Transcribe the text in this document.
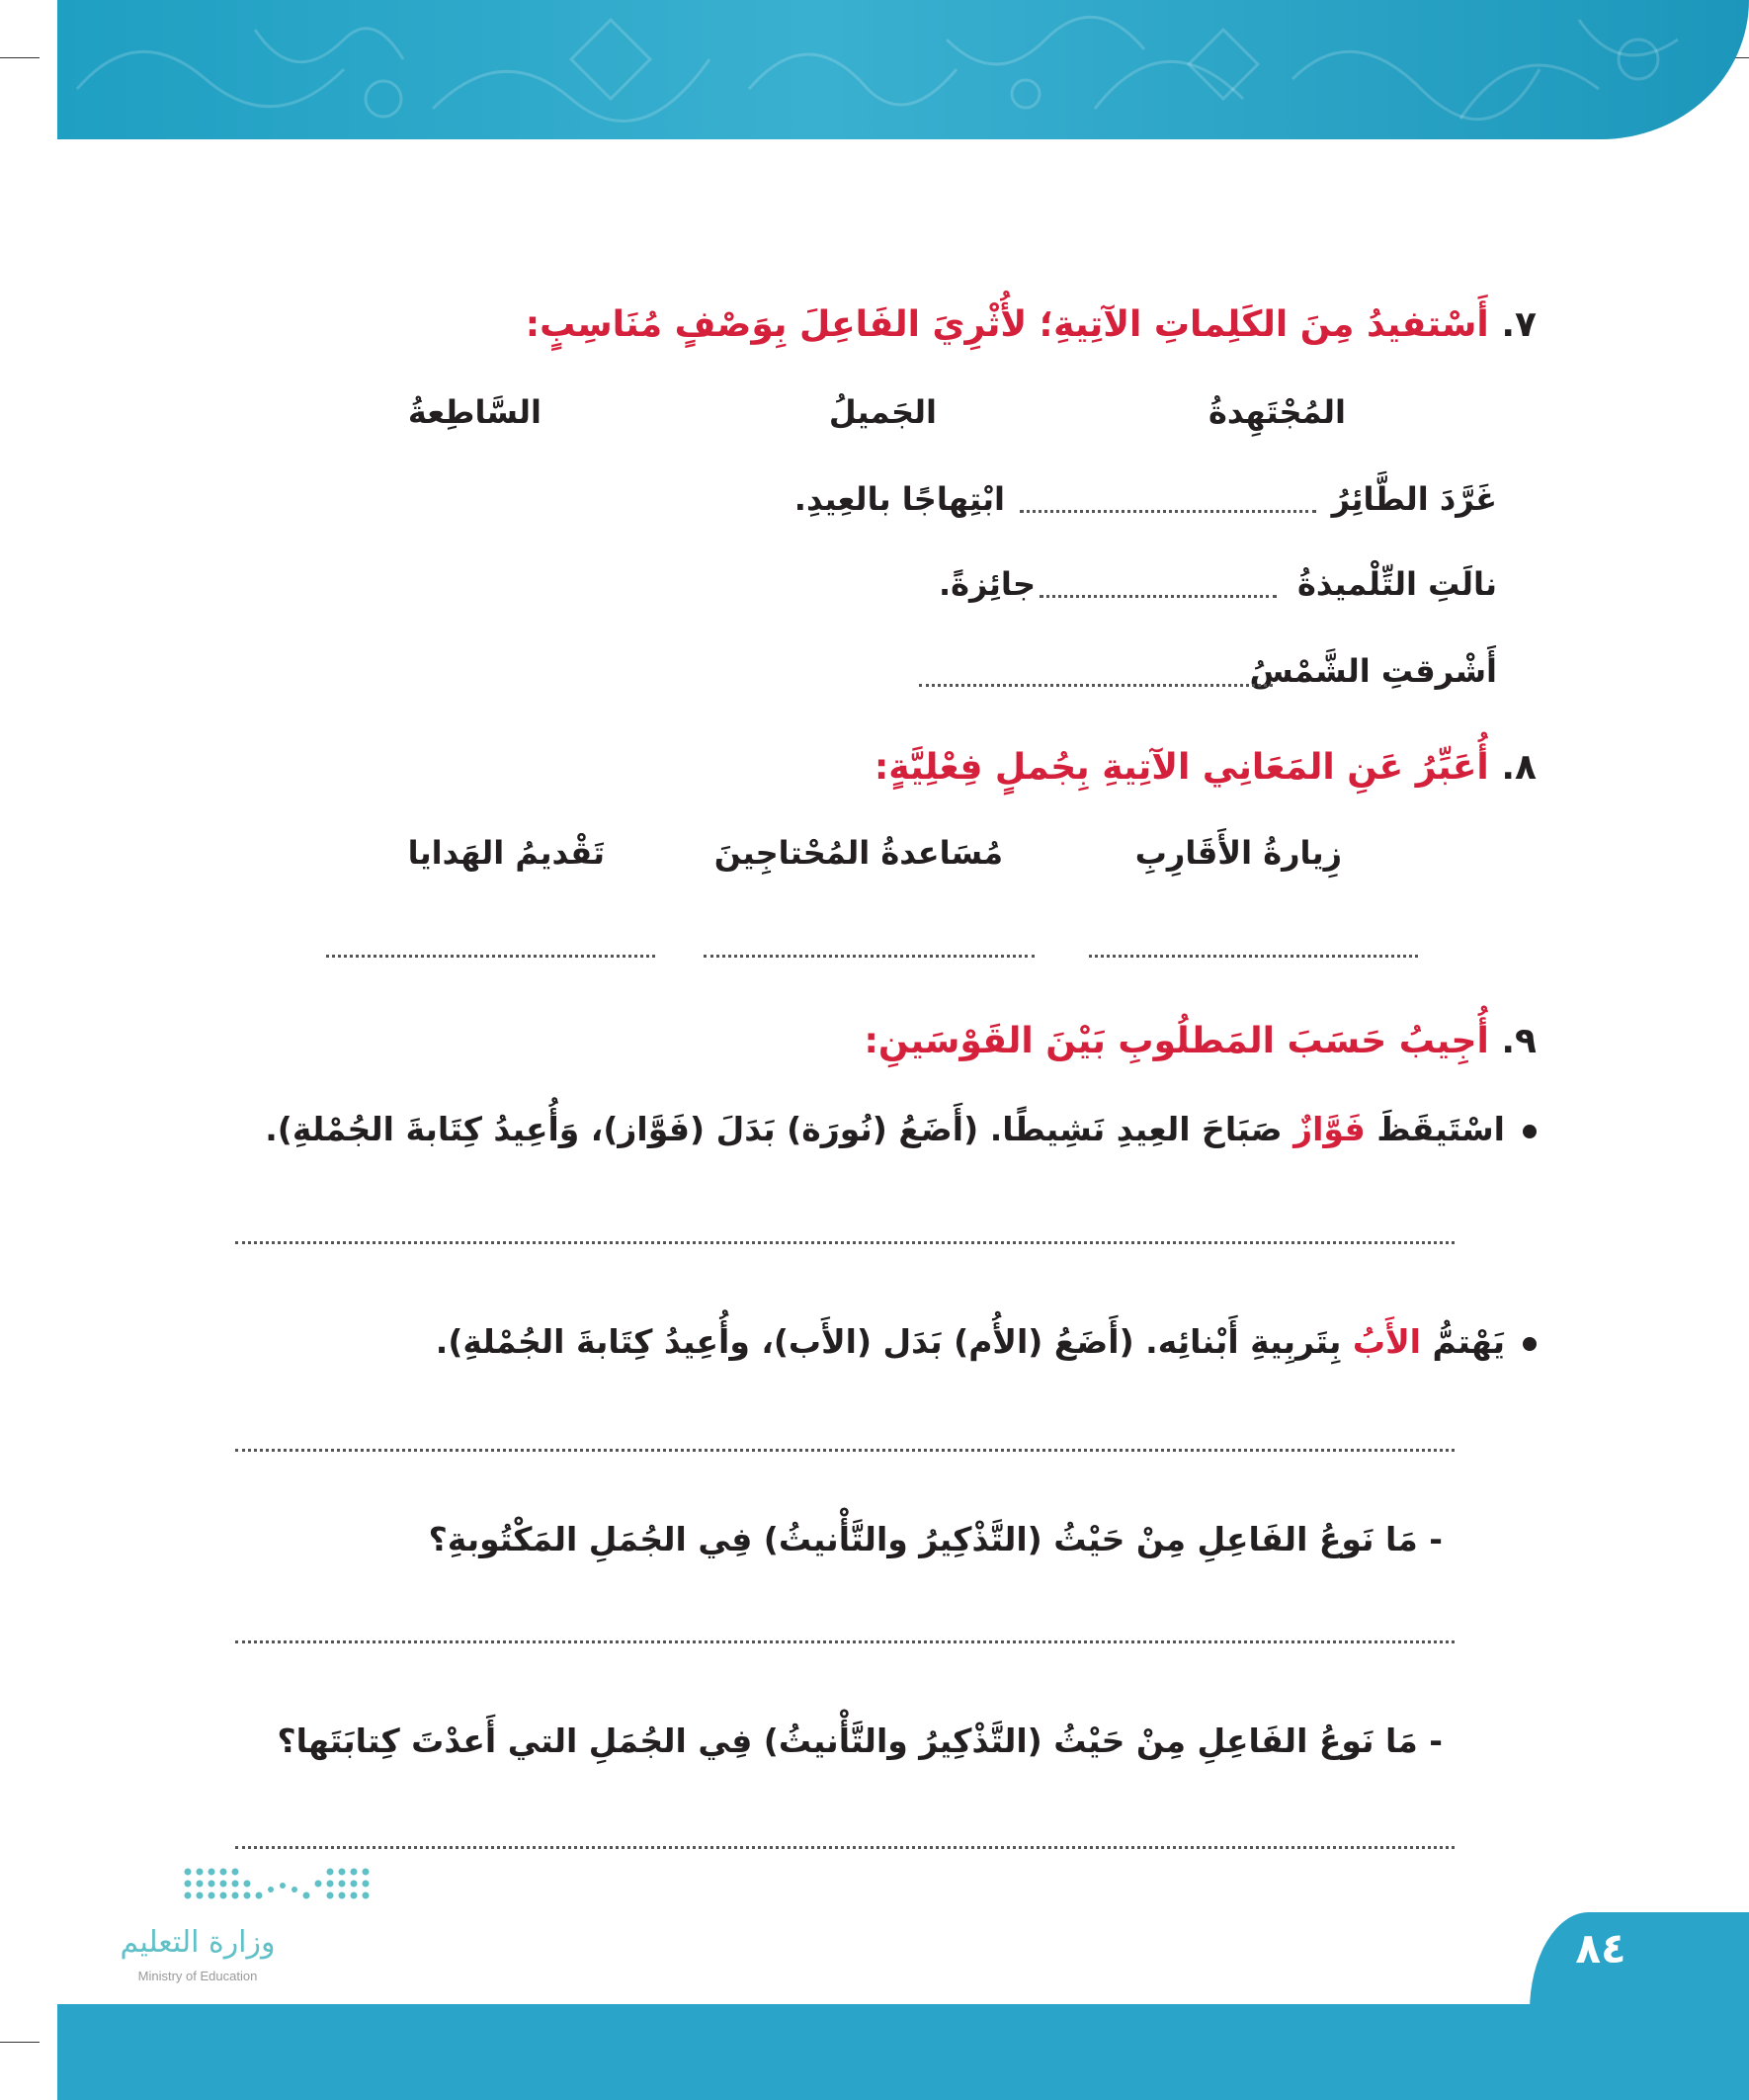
٧. أَسْتفيدُ مِنَ الكَلِماتِ الآتِيةِ؛ لأُثْرِيَ الفَاعِلَ بِوَصْفٍ مُنَاسِبٍ:
المُجْتَهِدةُ
الجَميلُ
السَّاطِعةُ
غَرَّدَ الطَّائِرُ
ابْتِهاجًا بالعِيدِ.
نالَتِ التِّلْميذةُ
جائِزةً.
أَشْرقتِ الشَّمْسُ
٨. أُعَبِّرُ عَنِ المَعَانِي الآتِيةِ بِجُملٍ فِعْلِيَّةٍ:
زِيارةُ الأَقَارِبِ
مُسَاعدةُ المُحْتاجِينَ
تَقْديمُ الهَدايا
٩. أُجِيبُ حَسَبَ المَطلُوبِ بَيْنَ القَوْسَينِ:
اسْتَيقَظَ فَوَّازٌ صَبَاحَ العِيدِ نَشِيطًا. (أَضَعُ (نُورَة) بَدَلَ (فَوَّاز)، وَأُعِيدُ كِتَابةَ الجُمْلةِ).
يَهْتمُّ الأَبُ بِتَربِيةِ أَبْنائِه. (أَضَعُ (الأُم) بَدَل (الأَب)، وأُعِيدُ كِتَابةَ الجُمْلةِ).
- مَا نَوعُ الفَاعِلِ مِنْ حَيْثُ (التَّذْكِيرُ والتَّأْنيثُ) فِي الجُمَلِ المَكْتُوبةِ؟
- مَا نَوعُ الفَاعِلِ مِنْ حَيْثُ (التَّذْكِيرُ والتَّأْنيثُ) فِي الجُمَلِ التي أَعدْتَ كِتابَتَها؟
وزارة التعليم
Ministry of Education
٨٤
